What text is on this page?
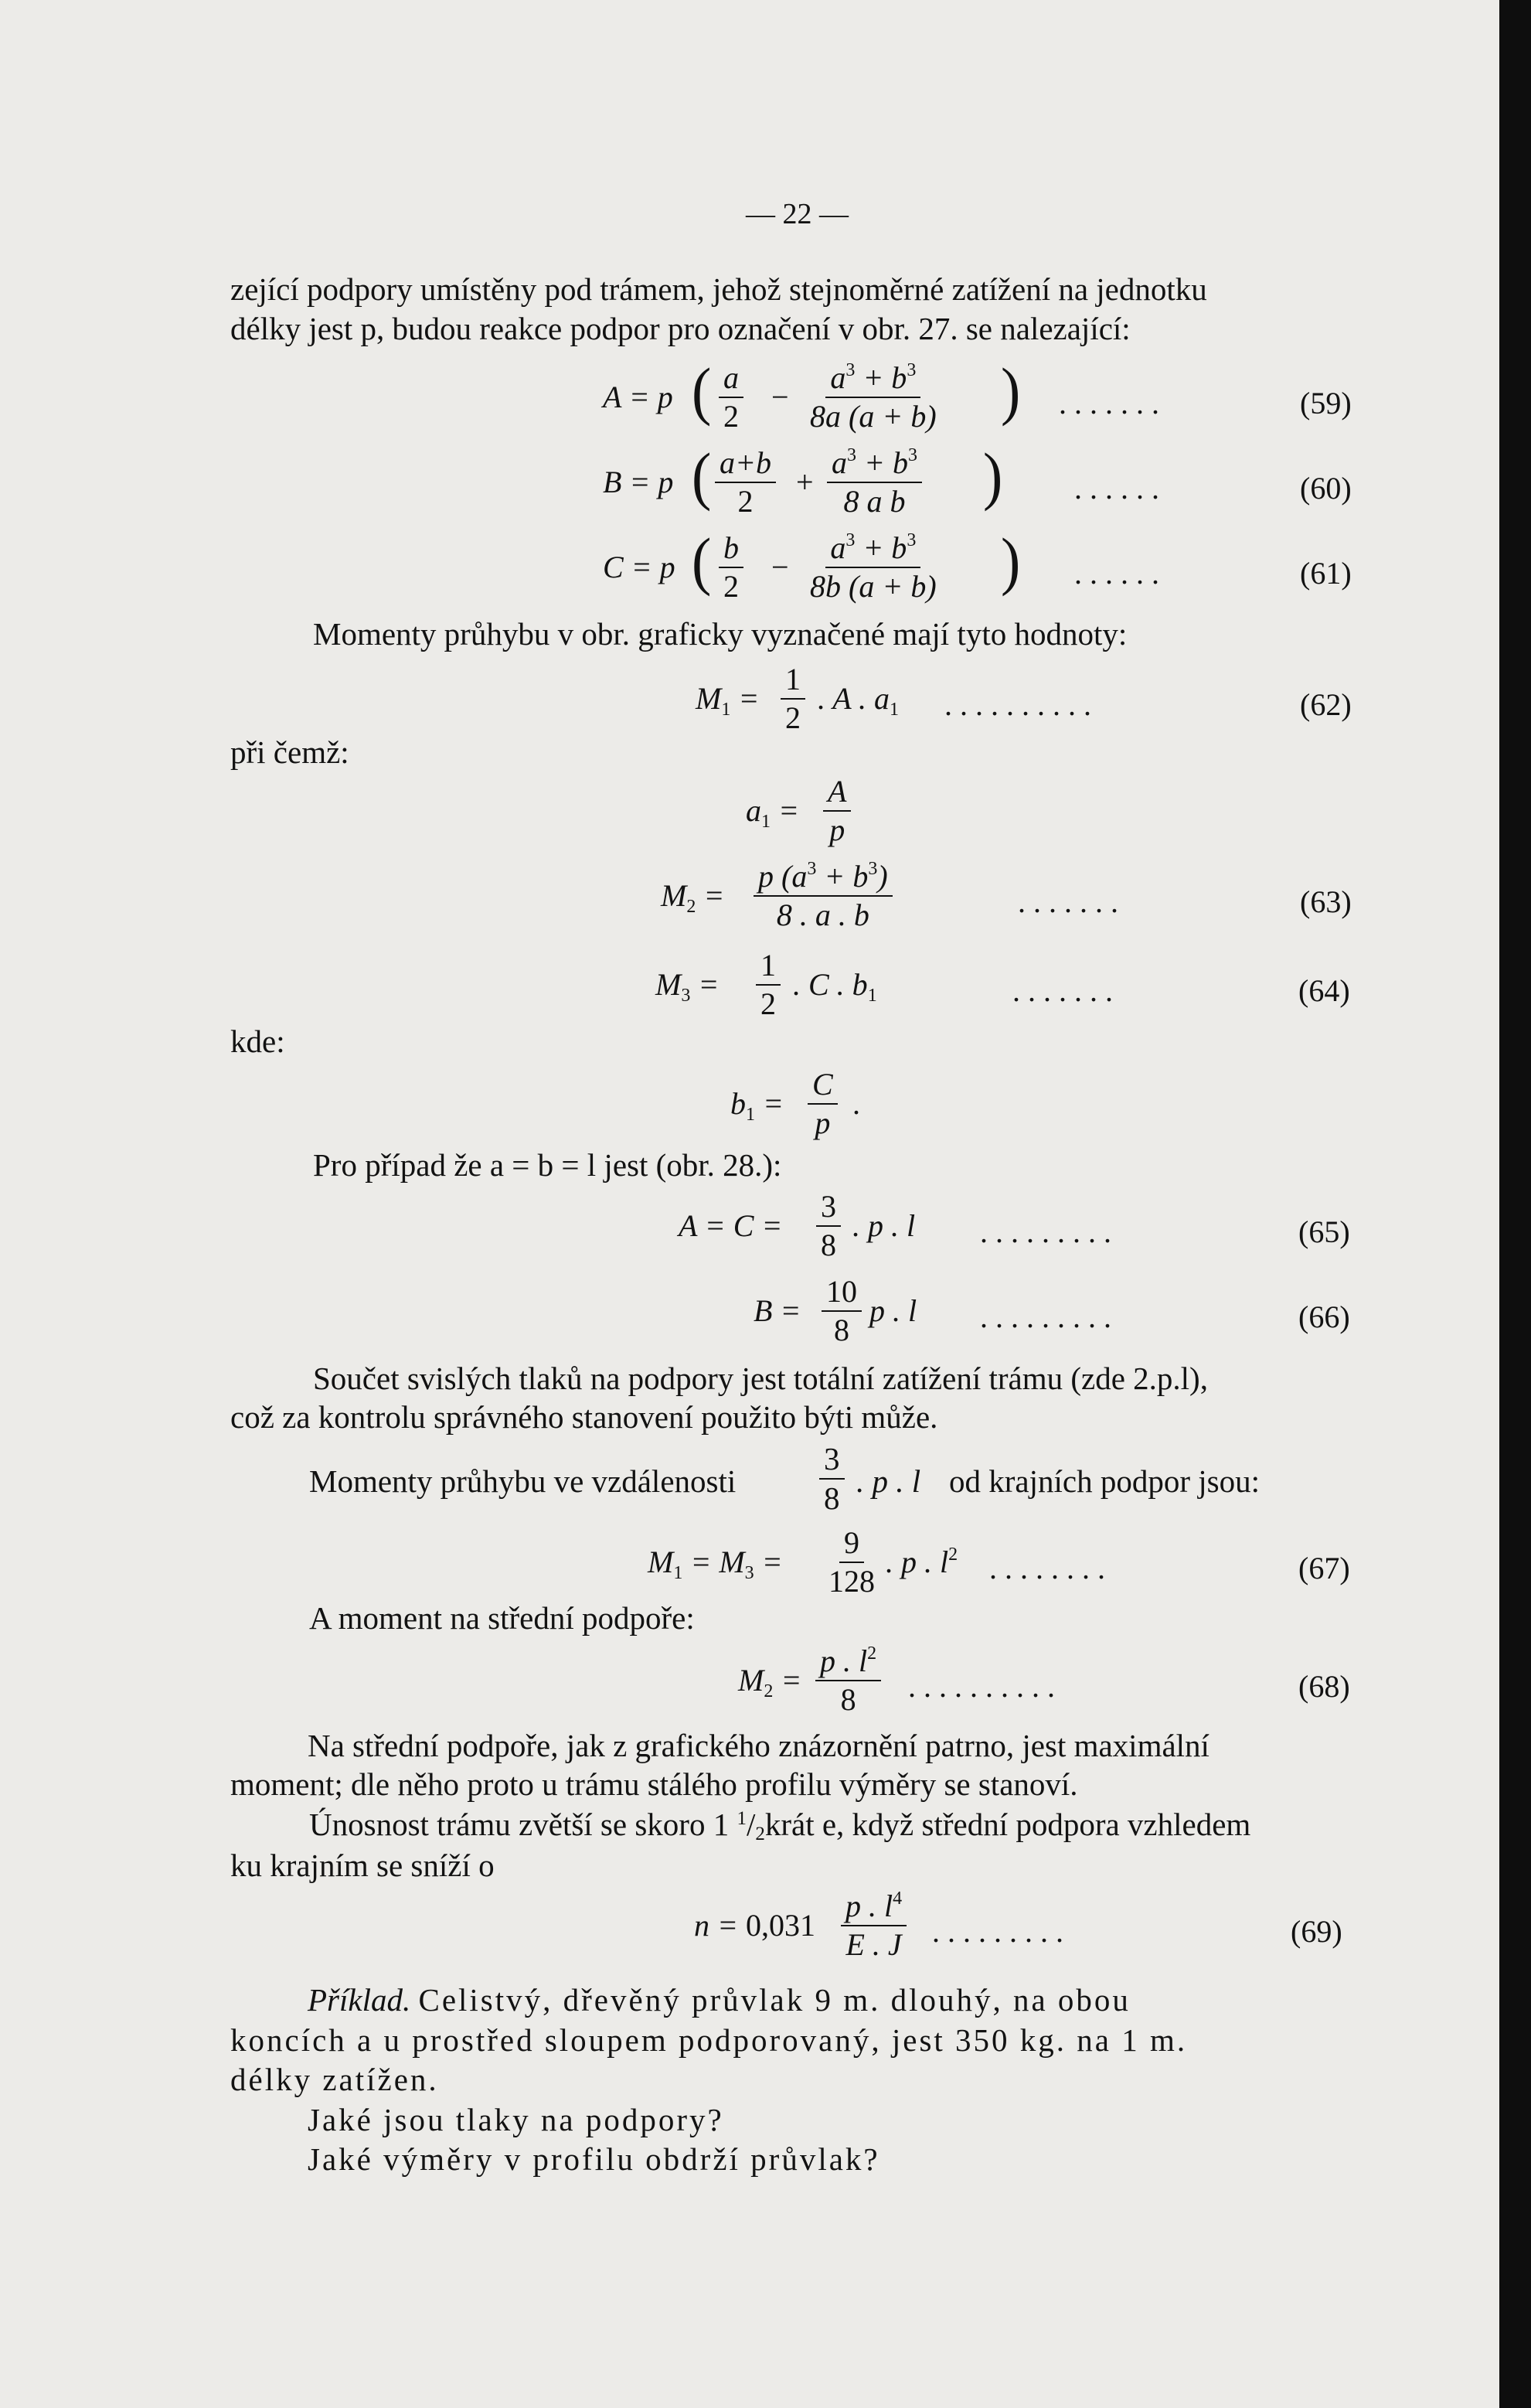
— 22 —
zející podpory umístěny pod trámem, jehož stejnoměrné zatížení na jednotku
délky jest p, budou reakce podpor pro označení v obr. 27. se nalezající:
A = p ( $\frac{a}{2} - \frac{a^3 + b^3}{8a (a + b)}$ ) .......	(59)
B = p ( $\frac{a+b}{2} + \frac{a^3 + b^3}{\text{8 a b}}$ ) ......	(60)
C = p ( $\frac{b}{2} - \frac{a^3 + b^3}{8b (a + b)}$ ) ......	(61)
Momenty průhybu v obr. graficky vyznačené mají tyto hodnoty:
$M_1 = \frac{1}{2}$ . A . $a_1$ ..........	(62)
při čemž:
$a_1 = \frac{A}{p}$
$M_2 = \frac{p (a^3 + b^3)}{8 . a . b}$	.......	(63)
$M_3 = \frac{1}{2}$ . C . $b_1$	.......	(64)
kde:
$b_1 = \frac{C}{p}$ .
Pro případ že a = b = l jest (obr. 28.):
$A = C = \frac{3}{8}$ . p . l .........	(65)
$B = \frac{10}{8}$ p . l .........	(66)
Součet svislých tlaků na podpory jest totální zatížení trámu (zde 2.p.l),
což za kontrolu správného stanovení použito býti může.
Momenty průhybu ve vzdálenosti	$\frac{3}{8}$ . p . l od krajních podpor jsou:
$M_1 = M_3 = \frac{9}{128}$ . p . $l^2$ ........	(67)
A moment na střední podpoře:
$M_2 = \frac{p . l^2}{8}$ ..........	(68)
Na střední podpoře, jak z grafického znázornění patrno, jest maximální
moment; dle něho proto u trámu stálého profilu výměry se stanoví.
Únosnost trámu zvětší se skoro 1 $^1$/2krát e, když střední podpora vzhledem
ku krajním se sníží o
$n = 0,031 \frac{p . l^4}{E . J}$ .........	(69)
Příklad. Celistvý, dřevěný průvlak 9 m. dlouhý, na obou
koncích a u prostřed sloupem podporovaný, jest 350 kg. na 1 m.
délky zatížen.
Jaké jsou tlaky na podpory?
Jaké výměry v profilu obdrží průvlak?
